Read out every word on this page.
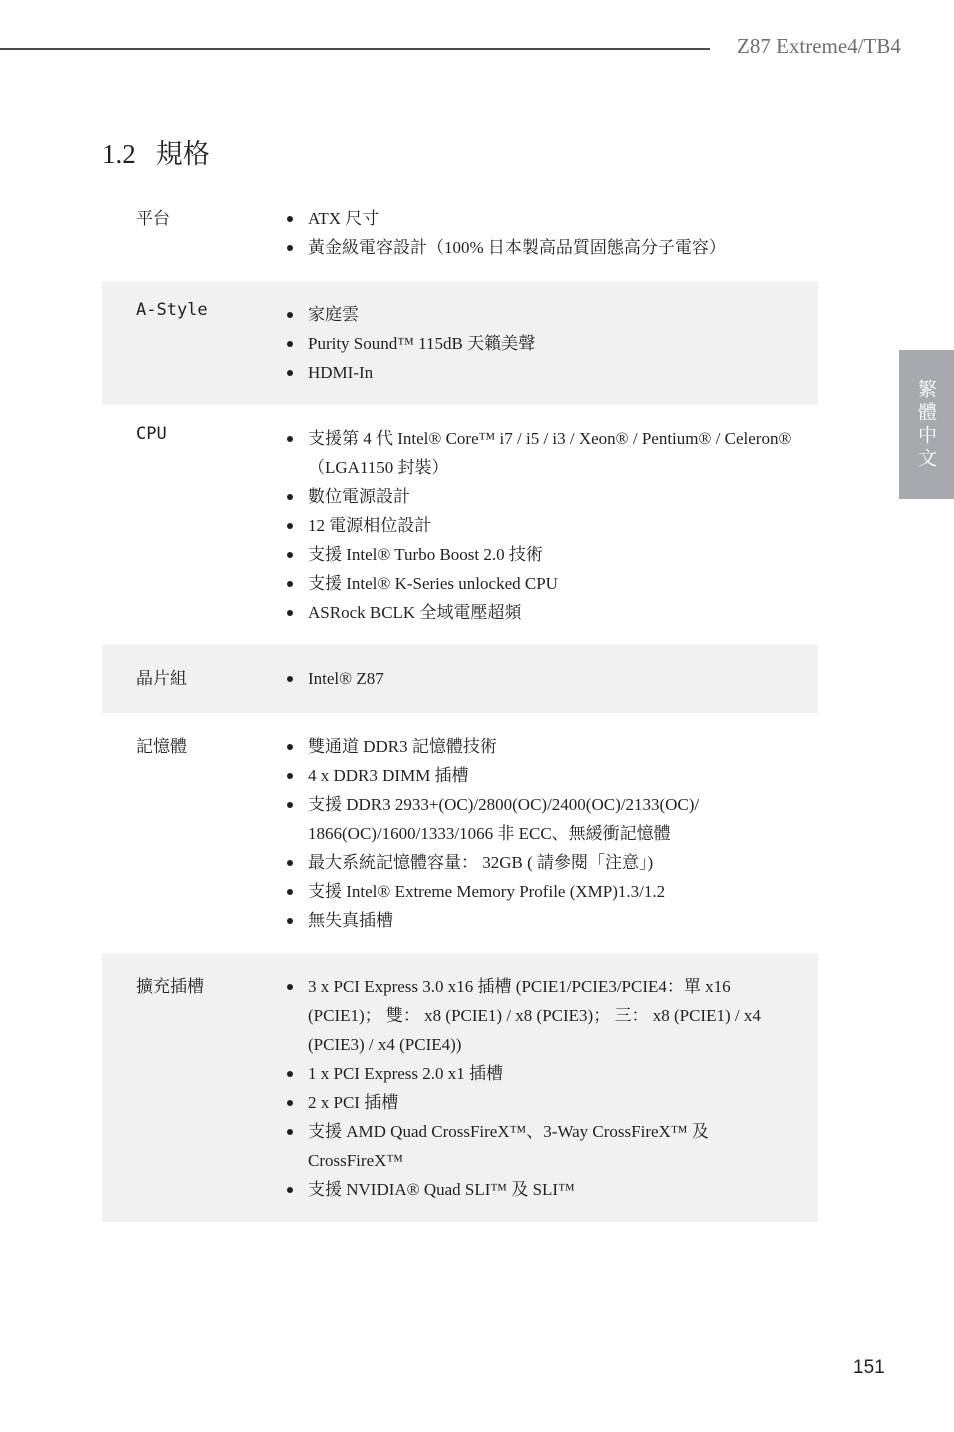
Z87 Extreme4/TB4
1.2 規格
繁體中文
平台	ATX 尺寸
黃金級電容設計（100% 日本製高品質固態高分子電容）
A-Style	家庭雲
Purity Sound™ 115dB 天籟美聲
HDMI-In
CPU	支援第 4 代 Intel® Core™ i7 / i5 / i3 / Xeon® / Pentium® / Celeron®（LGA1150 封裝）
數位電源設計
12 電源相位設計
支援 Intel® Turbo Boost 2.0 技術
支援 Intel® K-Series unlocked CPU
ASRock BCLK 全域電壓超頻
晶片組	Intel® Z87
記憶體	雙通道 DDR3 記憶體技術
4 x DDR3 DIMM 插槽
支援 DDR3 2933+(OC)/2800(OC)/2400(OC)/2133(OC)/ 1866(OC)/1600/1333/1066 非 ECC、無緩衝記憶體
最大系統記憶體容量： 32GB ( 請參閱「注意」)
支援 Intel® Extreme Memory Profile (XMP)1.3/1.2
無失真插槽
擴充插槽	3 x PCI Express 3.0 x16 插槽 (PCIE1/PCIE3/PCIE4：單 x16 (PCIE1)； 雙： x8 (PCIE1) / x8 (PCIE3)； 三： x8 (PCIE1) / x4 (PCIE3) / x4 (PCIE4))
1 x PCI Express 2.0 x1 插槽
2 x PCI 插槽
支援 AMD Quad CrossFireX™、3-Way CrossFireX™ 及 CrossFireX™
支援 NVIDIA® Quad SLI™ 及 SLI™
151
